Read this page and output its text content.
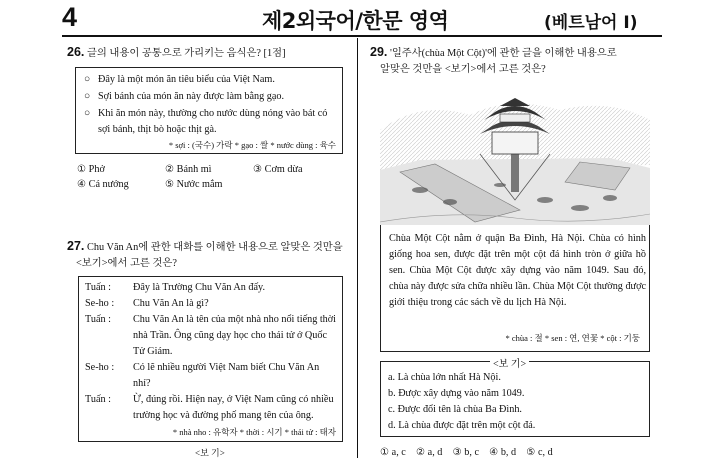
4	제2외국어/한문 영역	(베트남어 I)
26. 글의 내용이 공통으로 가리키는 음식은? [1점]
○ Đây là một món ăn tiêu biểu của Việt Nam.
○ Sợi bánh của món ăn này được làm bằng gạo.
○ Khi ăn món này, thường cho nước dùng nóng vào bát có sợi bánh, thịt bò hoặc thịt gà.
* sợi : (국수) 가락 * gạo : 쌀 * nước dùng : 육수
① Phở	② Bánh mì	③ Cơm dừa
④ Cá nướng	⑤ Nước mắm
27. Chu Văn An에 관한 대화를 이해한 내용으로 알맞은 것만을
<보기>에서 고른 것은?
Tuấn :	Đây là Trường Chu Văn An đấy.
Se-ho :	Chu Văn An là gì?
Tuấn :	Chu Văn An là tên của một nhà nho nổi tiếng thời nhà Trần. Ông cũng dạy học cho thái tử ở Quốc Tử Giám.
Se-ho :	Có lẽ nhiều người Việt Nam biết Chu Văn An nhỉ?
Tuấn :	Ừ, đúng rồi. Hiện nay, ở Việt Nam cũng có nhiều trường học và đường phố mang tên của ông.
* nhà nho : 유학자 * thời : 시기 * thái tử : 태자
<보 기>
29. '일주사(chùa Một Cột)'에 관한 글을 이해한 내용으로
알맞은 것만을 <보기>에서 고른 것은?
Chùa Một Cột nằm ở quận Ba Đình, Hà Nội. Chùa có hình giống hoa sen, được đặt trên một cột đá hình tròn ở giữa hồ sen. Chùa Một Cột được xây dựng vào năm 1049. Sau đó, chùa này được sửa chữa nhiều lần. Chùa Một Cột thường được giới thiệu trong các sách về du lịch Hà Nội.
* chùa : 절 * sen : 연, 연꽃 * cột : 기둥
a. Là chùa lớn nhất Hà Nội.
b. Được xây dựng vào năm 1049.
c. Được đổi tên là chùa Ba Đình.
d. Là chùa được đặt trên một cột đá.
<보 기>
① a, c    ② a, d    ③ b, c    ④ b, d    ⑤ c, d
